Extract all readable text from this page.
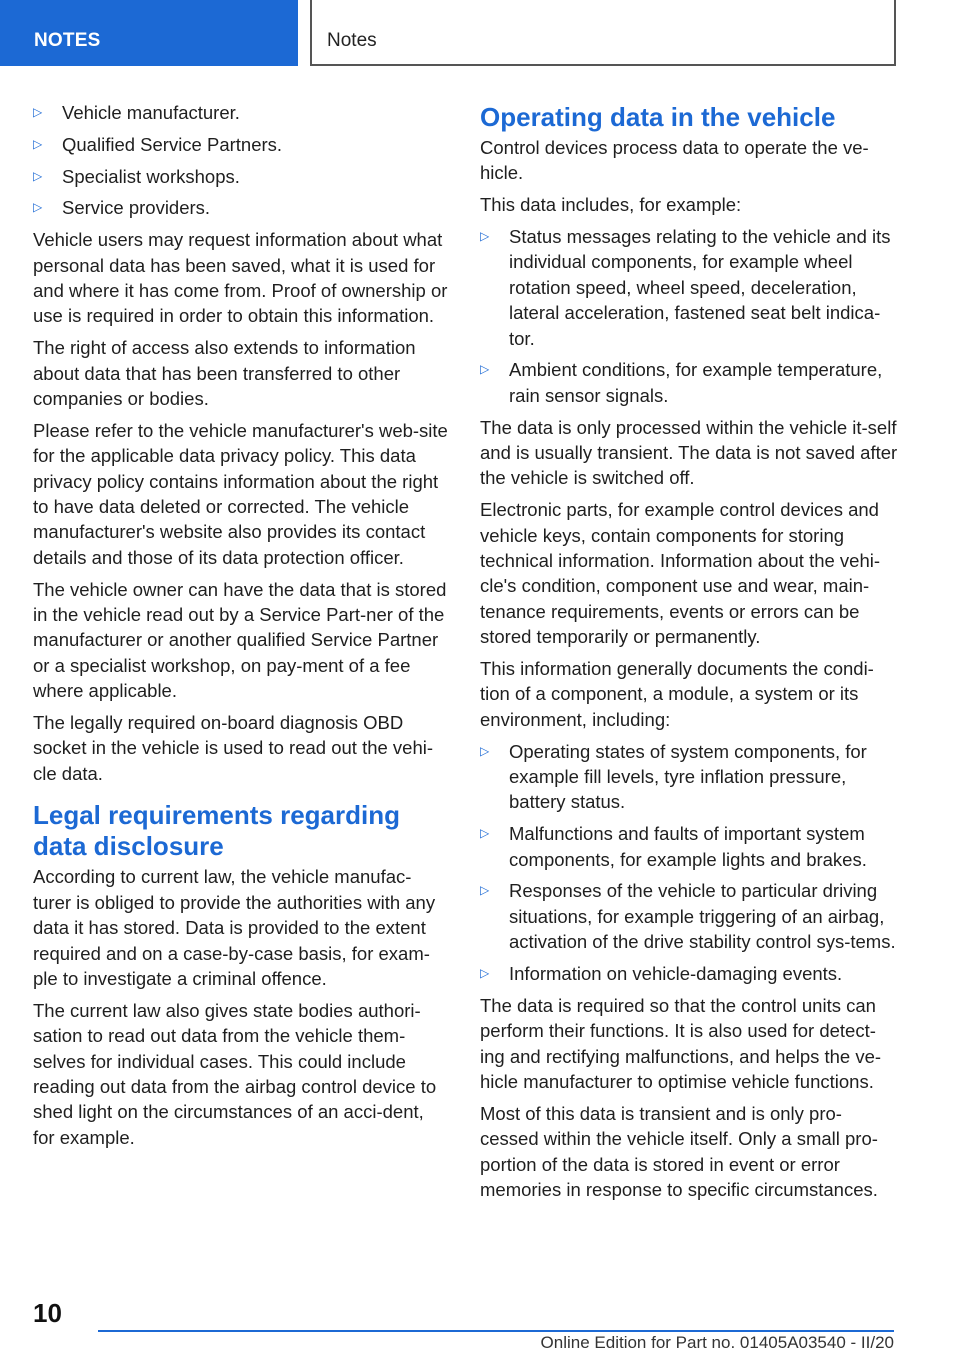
NOTES	Notes
▷	Vehicle manufacturer.
▷	Qualified Service Partners.
▷	Specialist workshops.
▷	Service providers.

Vehicle users may request information about what personal data has been saved, what it is used for and where it has come from. Proof of ownership or use is required in order to obtain this information.

The right of access also extends to information about data that has been transferred to other companies or bodies.

Please refer to the vehicle manufacturer's web-site for the applicable data privacy policy. This data privacy policy contains information about the right to have data deleted or corrected. The vehicle manufacturer's website also provides its contact details and those of its data protection officer.

The vehicle owner can have the data that is stored in the vehicle read out by a Service Part-ner of the manufacturer or another qualified Service Partner or a specialist workshop, on pay-ment of a fee where applicable.

The legally required on-board diagnosis OBD socket in the vehicle is used to read out the vehi-cle data.

Legal requirements regarding data disclosure

According to current law, the vehicle manufac-turer is obliged to provide the authorities with any data it has stored. Data is provided to the extent required and on a case-by-case basis, for exam-ple to investigate a criminal offence.

The current law also gives state bodies authori-sation to read out data from the vehicle them-selves for individual cases. This could include reading out data from the airbag control device to shed light on the circumstances of an acci-dent, for example.

Operating data in the vehicle

Control devices process data to operate the ve-hicle.

This data includes, for example:

▷	Status messages relating to the vehicle and its individual components, for example wheel rotation speed, wheel speed, deceleration, lateral acceleration, fastened seat belt indica-tor.
▷	Ambient conditions, for example temperature, rain sensor signals.

The data is only processed within the vehicle it-self and is usually transient. The data is not saved after the vehicle is switched off.

Electronic parts, for example control devices and vehicle keys, contain components for storing technical information. Information about the vehi-cle's condition, component use and wear, main-tenance requirements, events or errors can be stored temporarily or permanently.

This information generally documents the condi-tion of a component, a module, a system or its environment, including:

▷	Operating states of system components, for example fill levels, tyre inflation pressure, battery status.
▷	Malfunctions and faults of important system components, for example lights and brakes.
▷	Responses of the vehicle to particular driving situations, for example triggering of an airbag, activation of the drive stability control sys-tems.
▷	Information on vehicle-damaging events.

The data is required so that the control units can perform their functions. It is also used for detect-ing and rectifying malfunctions, and helps the ve-hicle manufacturer to optimise vehicle functions.

Most of this data is transient and is only pro-cessed within the vehicle itself. Only a small pro-portion of the data is stored in event or error memories in response to specific circumstances.

10
Online Edition for Part no. 01405A03540 - II/20
